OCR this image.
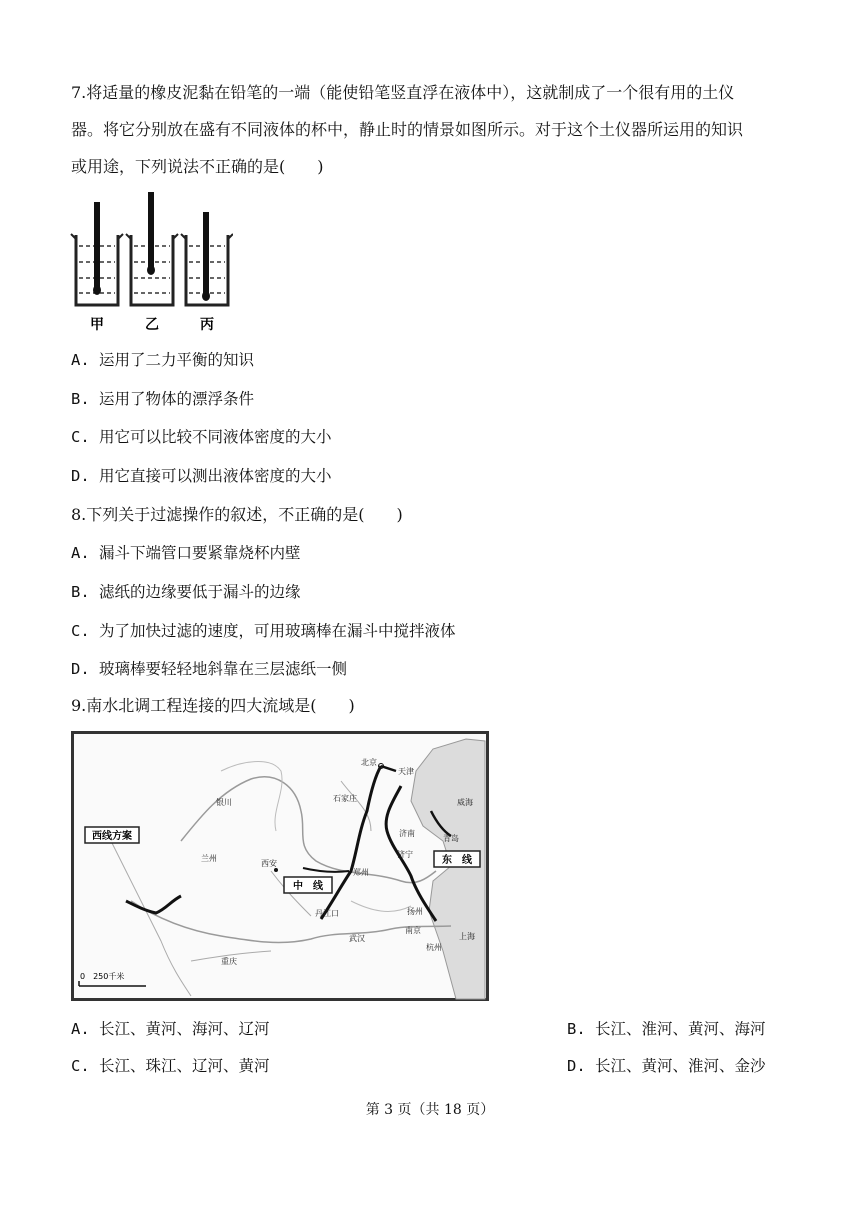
7.将适量的橡皮泥黏在铅笔的一端（能使铅笔竖直浮在液体中），这就制成了一个很有用的土仪
器。将它分别放在盛有不同液体的杯中，静止时的情景如图所示。对于这个土仪器所运用的知识
或用途，下列说法不正确的是(　　)
甲	乙	丙
A. 运用了二力平衡的知识
B. 运用了物体的漂浮条件
C. 用它可以比较不同液体密度的大小
D. 用它直接可以测出液体密度的大小
8.下列关于过滤操作的叙述，不正确的是(　　)
A. 漏斗下端管口要紧靠烧杯内壁
B. 滤纸的边缘要低于漏斗的边缘
C. 为了加快过滤的速度，可用玻璃棒在漏斗中搅拌液体
D. 玻璃棒要轻轻地斜靠在三层滤纸一侧
9.南水北调工程连接的四大流域是(　　)
西线方案
中　线
东　线
北京
天津
石家庄
银川
兰州
西安
郑州
济南
济宁
青岛
威海
扬州
南京
上海
杭州
武汉
重庆
丹江口
0　250千米
A. 长江、黄河、海河、辽河	B. 长江、淮河、黄河、海河
C. 长江、珠江、辽河、黄河	D. 长江、黄河、淮河、金沙
第 3 页（共 18 页）
